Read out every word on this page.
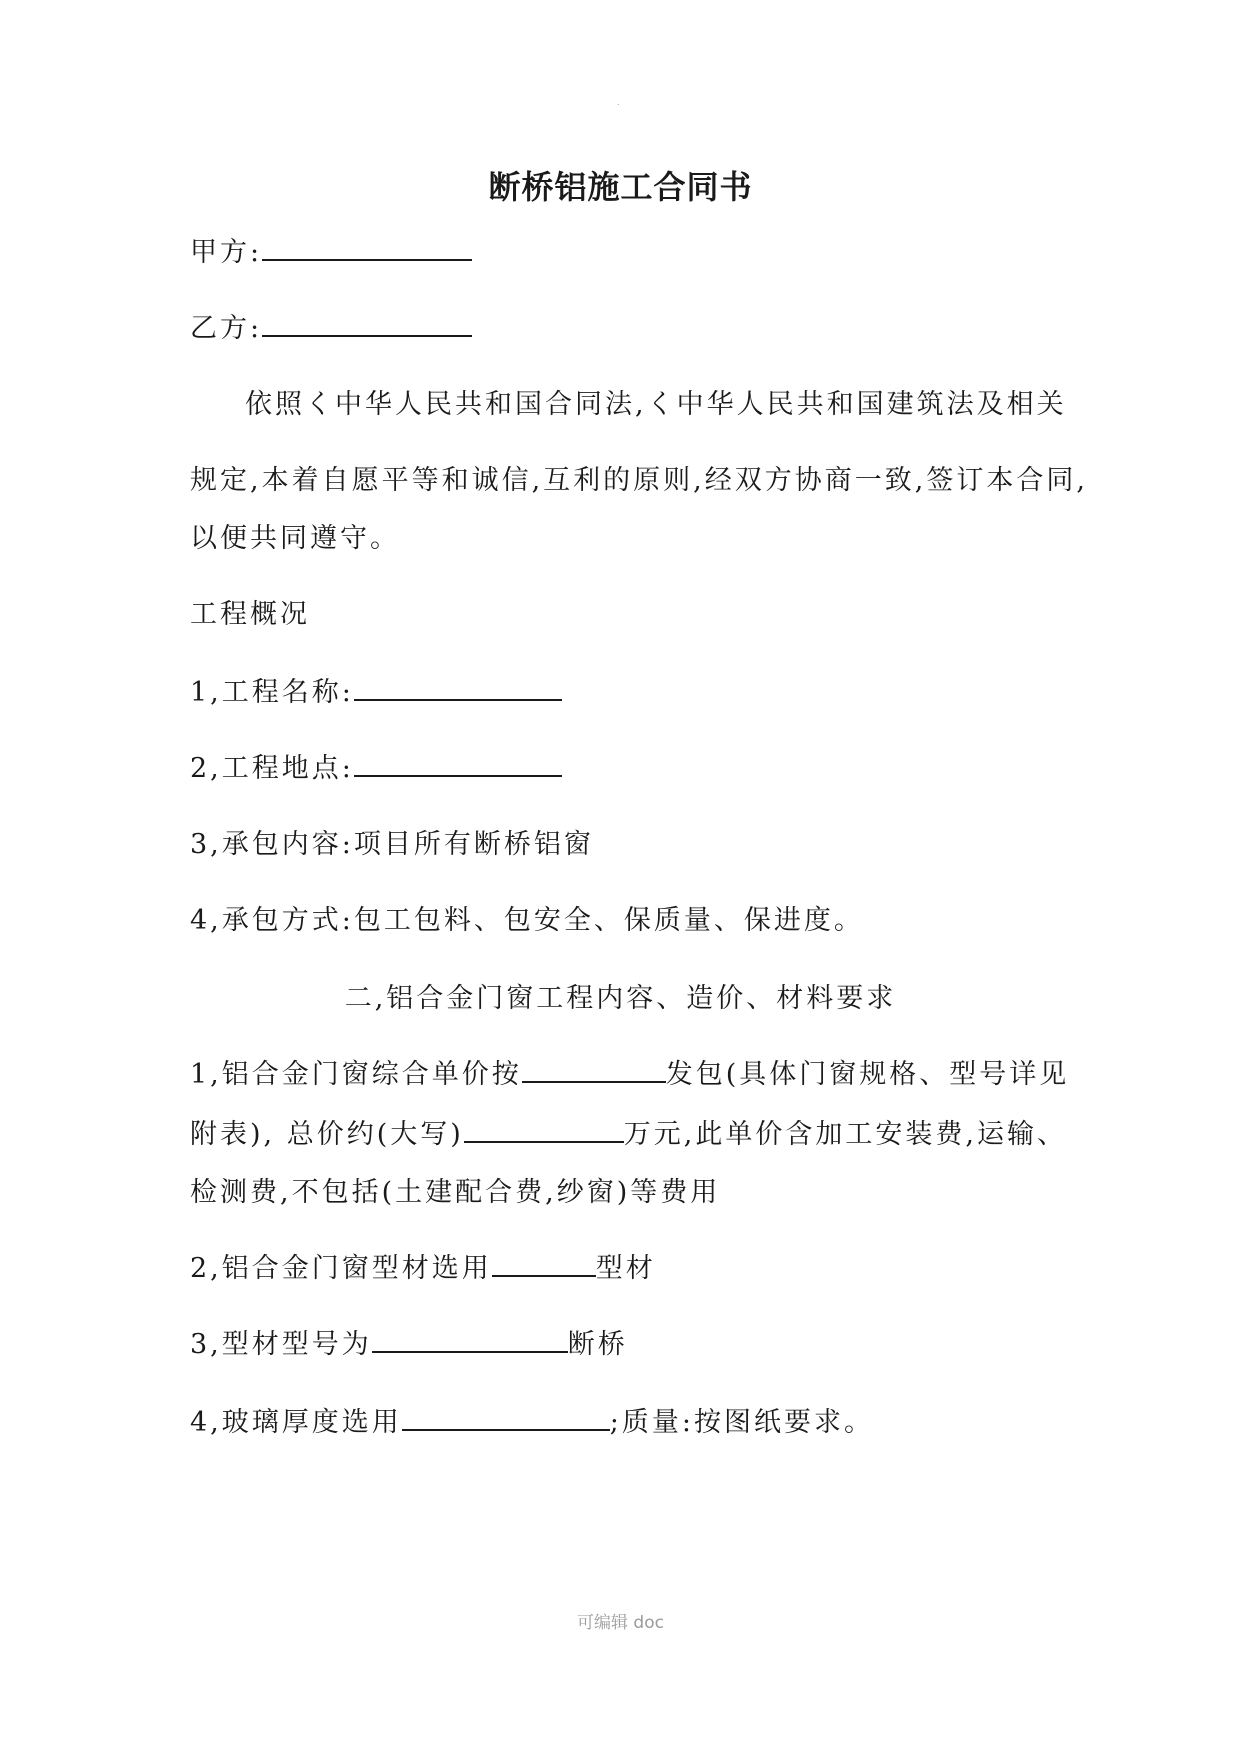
.
断桥铝施工合同书
甲方:
乙方:
依照く中华人民共和国合同法,く中华人民共和国建筑法及相关
规定,本着自愿平等和诚信,互利的原则,经双方协商一致,签订本合同,
以便共同遵守。
工程概况
1,工程名称:
2,工程地点:
3,承包内容:项目所有断桥铝窗
4,承包方式:包工包料、包安全、保质量、保进度。
二,铝合金门窗工程内容、造价、材料要求
1,铝合金门窗综合单价按	发包(具体门窗规格、型号详见
附表), 总价约(大写)	万元,此单价含加工安装费,运输、
检测费,不包括(土建配合费,纱窗)等费用
2,铝合金门窗型材选用	型材
3,型材型号为	断桥
4,玻璃厚度选用	;质量:按图纸要求。
可编辑 doc
